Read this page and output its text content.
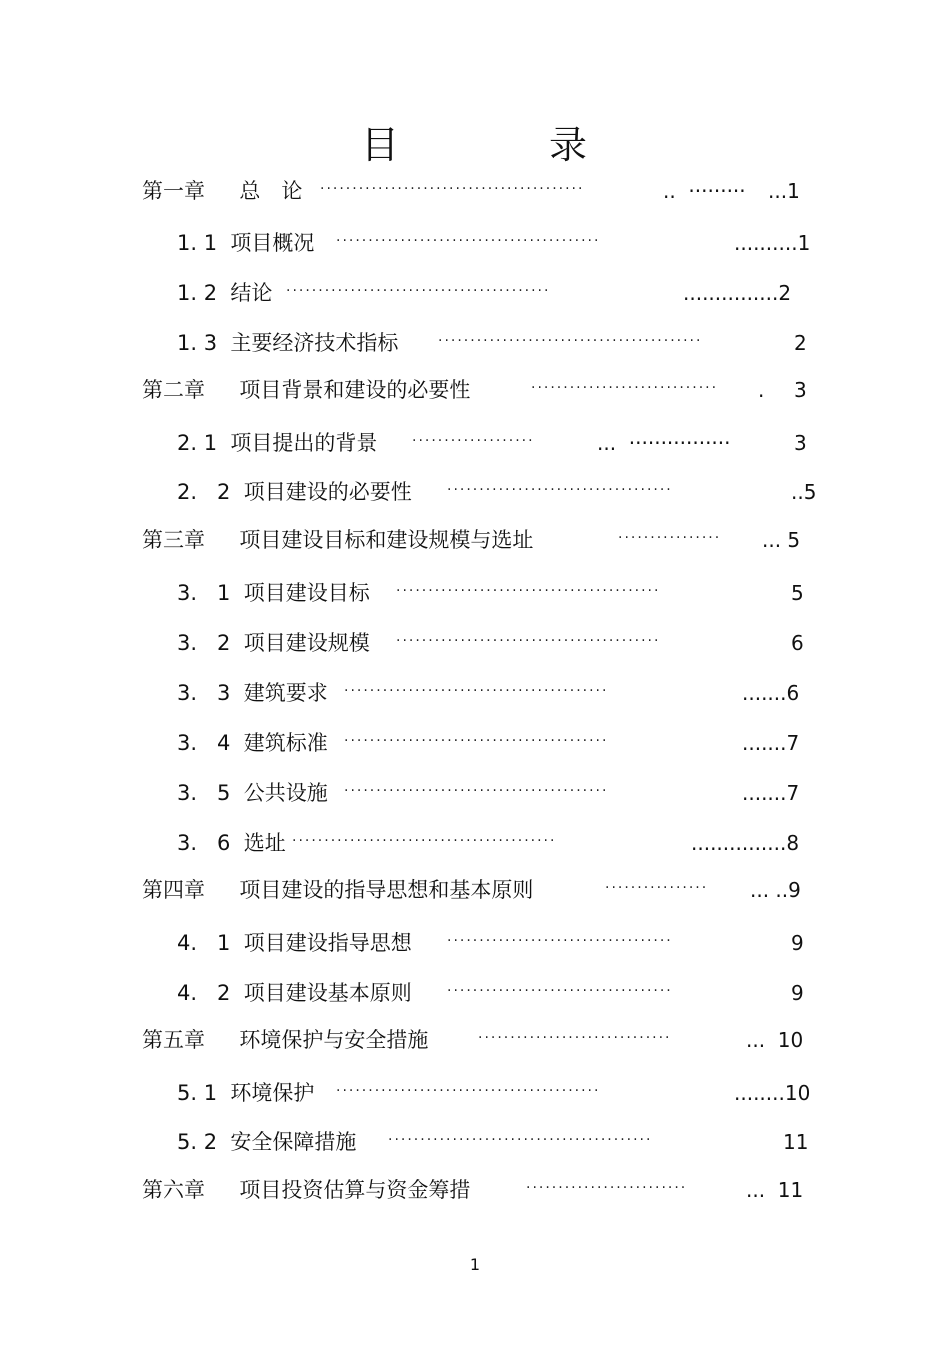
目	录
第一章　  总　论 ·········································	..  ········· ...1
1. 1  项目概况 ·········································	..........1
1. 2  结论 ·········································	...............2
1. 3  主要经济技术指标	·········································	2
第二章　  项目背景和建设的必要性	·····························	. 3
2. 1  项目提出的背景 ···················	...  ················	3
2.   2  项目建设的必要性	···································	..5
第三章　  项目建设目标和建设规模与选址	················	... 5
3.   1  项目建设目标 ·········································	5
3.   2  项目建设规模 ·········································	6
3.   3  建筑要求 ·········································	.......6
3.   4  建筑标准 ·········································	.......7
3.   5  公共设施 ·········································	.......7
3.   6  选址 ·········································	...............8
第四章　  项目建设的指导思想和基本原则	················	... ..9
4.   1  项目建设指导思想	···································	9
4.   2  项目建设基本原则	···································	9
第五章　  环境保护与安全措施	······························	...  10
5. 1  环境保护 ·········································	........10
5. 2  安全保障措施 ·········································	11
第六章　  项目投资估算与资金筹措	·························	...  11
1
